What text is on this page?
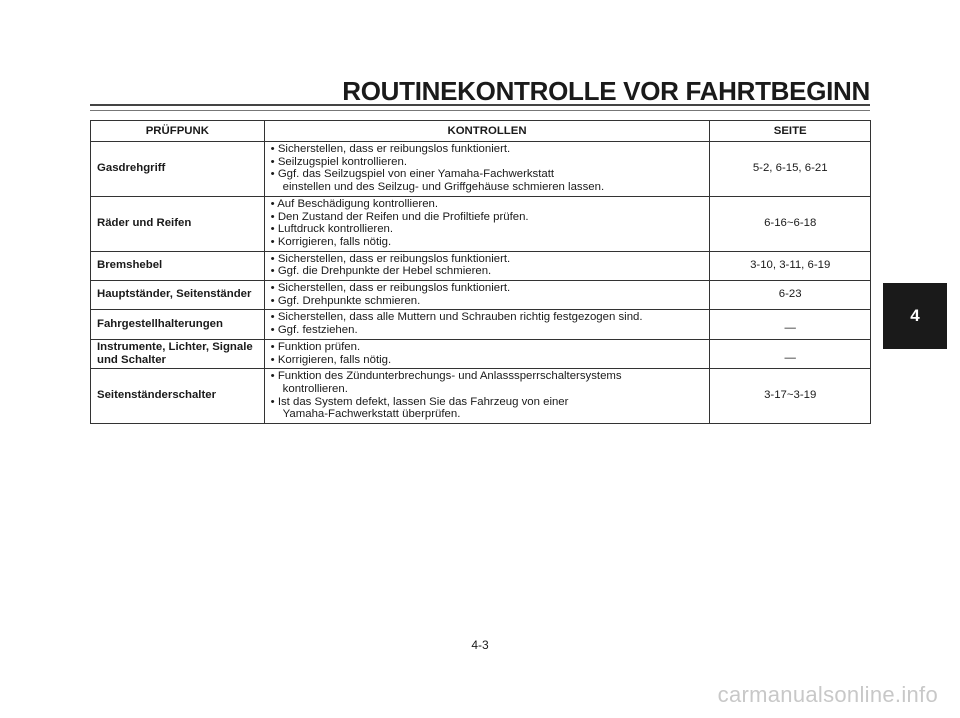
ROUTINEKONTROLLE VOR FAHRTBEGINN
PRÜFPUNK	KONTROLLEN	SEITE

Gasdrehgriff	• Sicherstellen, dass er reibungslos funktioniert.
• Seilzugspiel kontrollieren.
• Ggf. das Seilzugspiel von einer Yamaha-Fachwerkstatt
einstellen und des Seilzug- und Griffgehäuse schmieren lassen.	5-2, 6-15, 6-21

Räder und Reifen	• Auf Beschädigung kontrollieren.
• Den Zustand der Reifen und die Profiltiefe prüfen.
• Luftdruck kontrollieren.
• Korrigieren, falls nötig.	6-16~6-18

Bremshebel	• Sicherstellen, dass er reibungslos funktioniert.
• Ggf. die Drehpunkte der Hebel schmieren.	3-10, 3-11, 6-19

Hauptständer, Seitenständer	• Sicherstellen, dass er reibungslos funktioniert.
• Ggf. Drehpunkte schmieren.	6-23

Fahrgestellhalterungen	• Sicherstellen, dass alle Muttern und Schrauben richtig festgezogen sind.
• Ggf. festziehen.	—

Instrumente, Lichter, Signale
und Schalter	• Funktion prüfen.
• Korrigieren, falls nötig.	—

Seitenständerschalter	• Funktion des Zündunterbrechungs- und Anlasssperrschaltersystems
kontrollieren.
• Ist das System defekt, lassen Sie das Fahrzeug von einer
Yamaha-Fachwerkstatt überprüfen.	3-17~3-19
4
4-3
carmanualsonline.info
